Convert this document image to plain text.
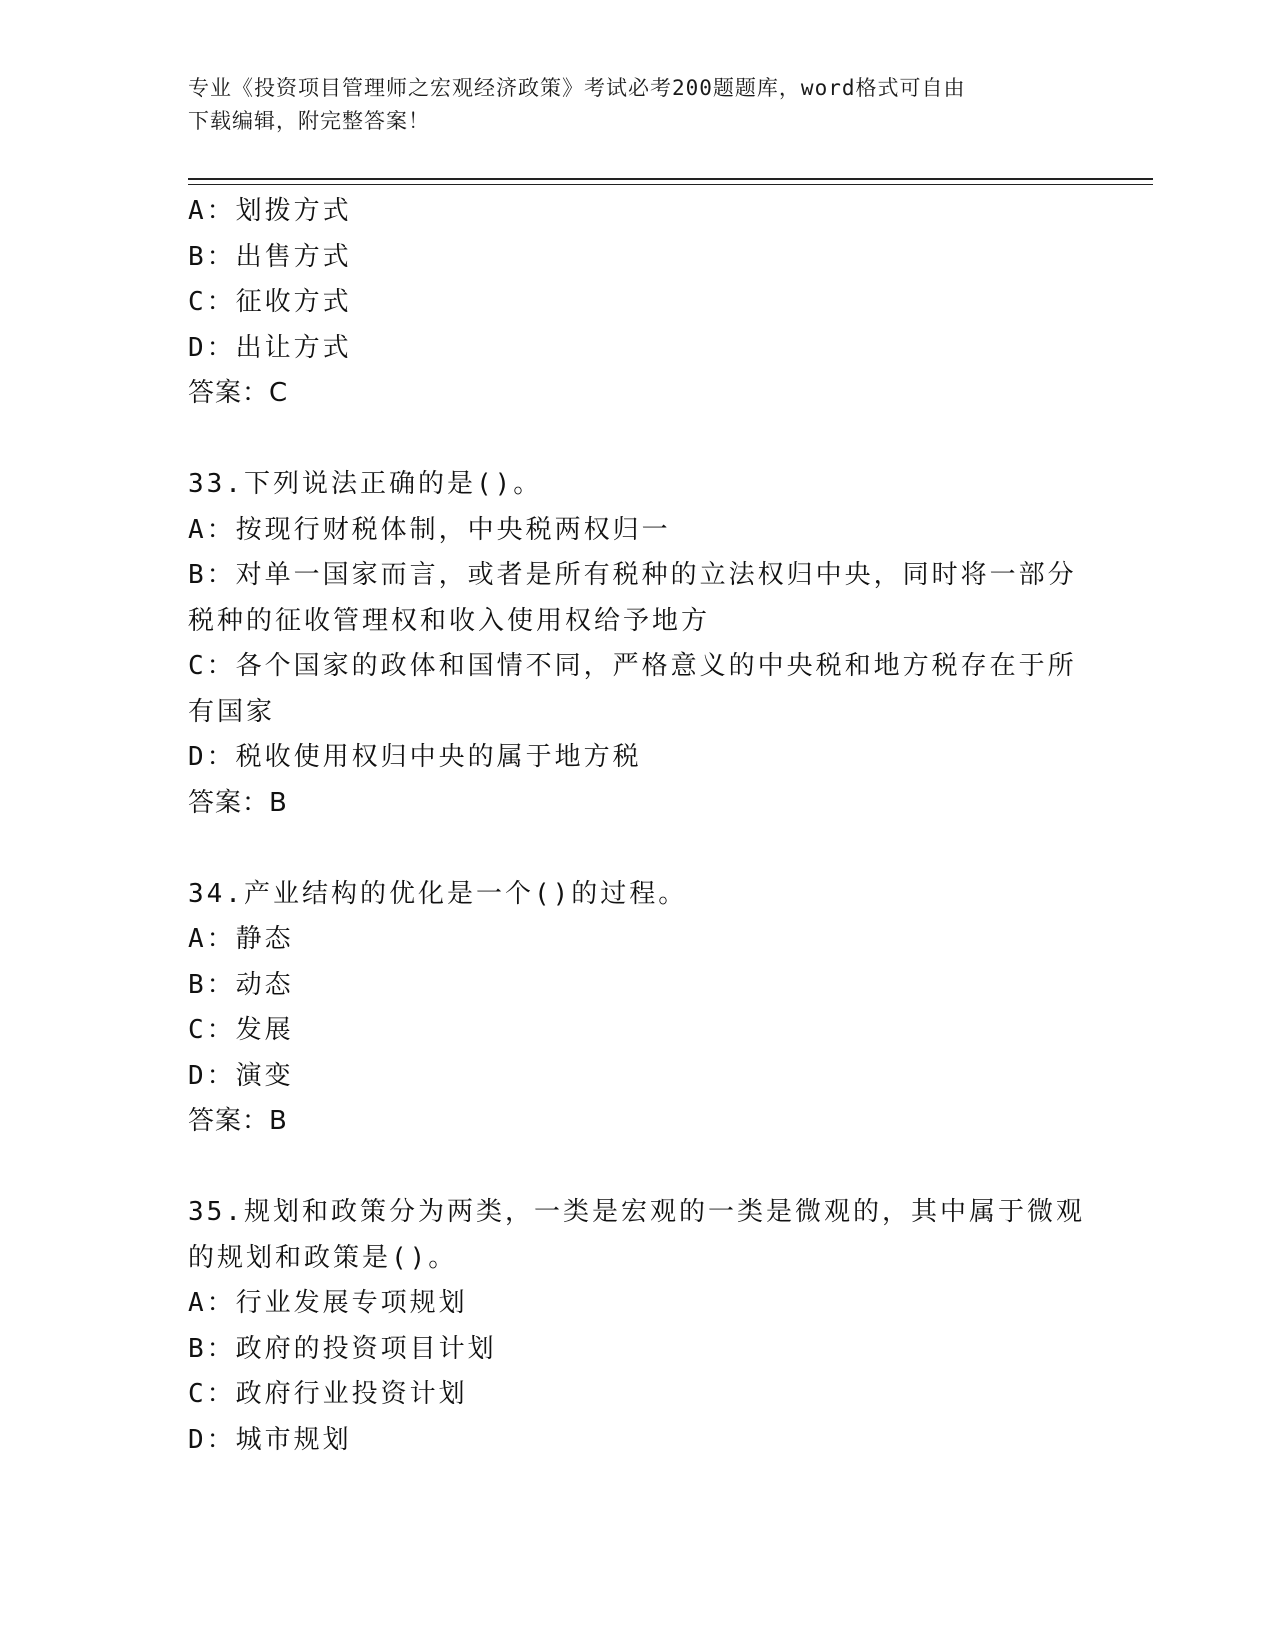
专业《投资项目管理师之宏观经济政策》考试必考200题题库，word格式可自由
下载编辑，附完整答案！
A：划拨方式
B：出售方式
C：征收方式
D：出让方式
答案：C
33.下列说法正确的是()。
A：按现行财税体制，中央税两权归一
B：对单一国家而言，或者是所有税种的立法权归中央，同时将一部分
税种的征收管理权和收入使用权给予地方
C：各个国家的政体和国情不同，严格意义的中央税和地方税存在于所
有国家
D：税收使用权归中央的属于地方税
答案：B
34.产业结构的优化是一个()的过程。
A：静态
B：动态
C：发展
D：演变
答案：B
35.规划和政策分为两类，一类是宏观的一类是微观的，其中属于微观
的规划和政策是()。
A：行业发展专项规划
B：政府的投资项目计划
C：政府行业投资计划
D：城市规划
